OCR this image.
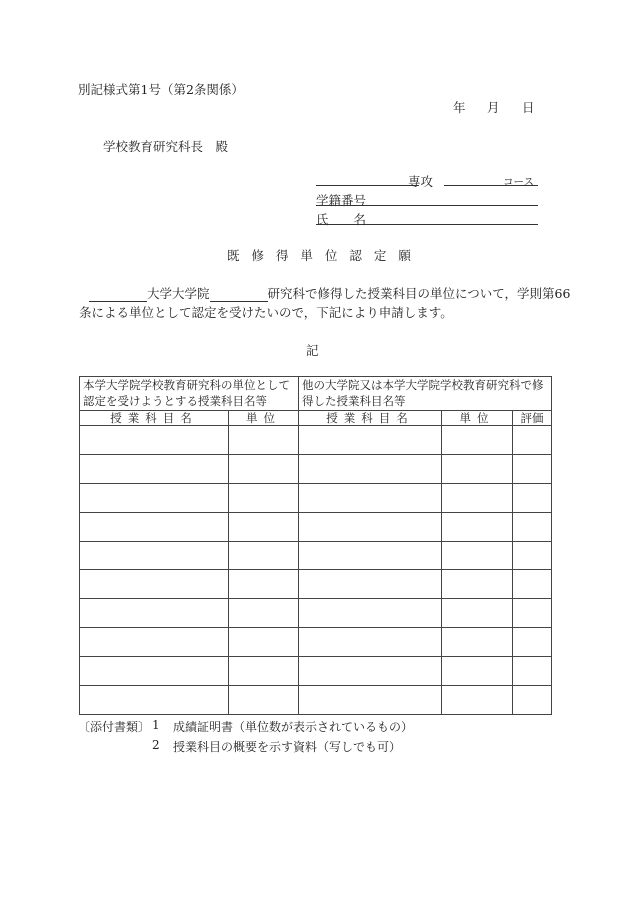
別記様式第1号（第2条関係）
年 月 日
学校教育研究科長　殿
専攻	コース
学籍番号
氏　　名
既 修 得 単 位 認 定 願
大学大学院	研究科で修得した授業科目の単位について，学則第66
条による単位として認定を受けたいので，下記により申請します。
記
本学大学院学校教育研究科の単位として認定を受けようとする授業科目名等		他の大学院又は本学大学院学校教育研究科で修得した授業科目名等		
授業科目名	単位	授業科目名	単位	評価

〔添付書類〕 1 成績証明書（単位数が表示されているもの）
2 授業科目の概要を示す資料（写しでも可）
